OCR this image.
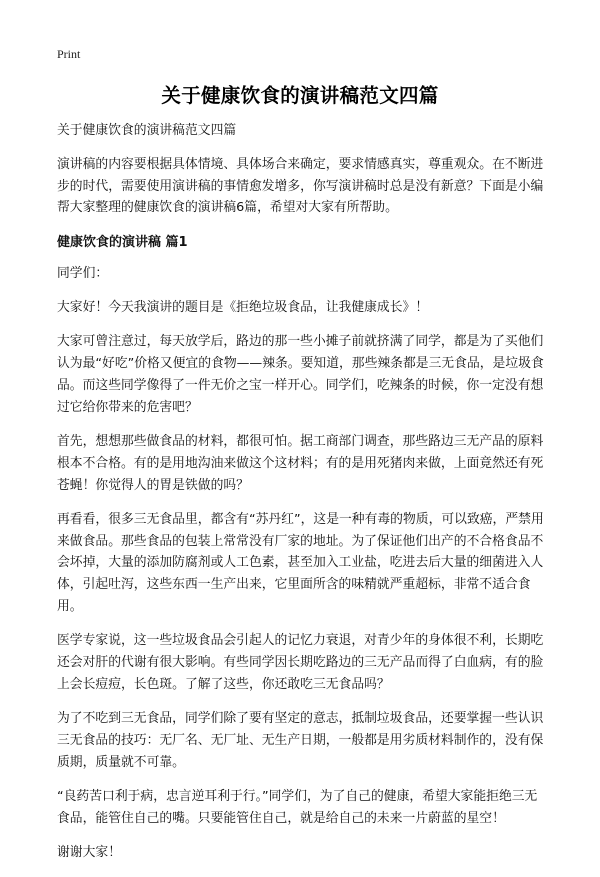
Print
关于健康饮食的演讲稿范文四篇

关于健康饮食的演讲稿范文四篇

演讲稿的内容要根据具体情境、具体场合来确定，要求情感真实，尊重观众。在不断进步的时代，需要使用演讲稿的事情愈发增多，你写演讲稿时总是没有新意？下面是小编帮大家整理的健康饮食的演讲稿6篇，希望对大家有所帮助。

健康饮食的演讲稿 篇1

同学们：

大家好！今天我演讲的题目是《拒绝垃圾食品，让我健康成长》！

大家可曾注意过，每天放学后，路边的那一些小摊子前就挤满了同学，都是为了买他们认为最“好吃”价格又便宜的食物——辣条。要知道，那些辣条都是三无食品，是垃圾食品。而这些同学像得了一件无价之宝一样开心。同学们，吃辣条的时候，你一定没有想过它给你带来的危害吧？

首先，想想那些做食品的材料，都很可怕。据工商部门调查，那些路边三无产品的原料根本不合格。有的是用地沟油来做这个这材料；有的是用死猪肉来做，上面竟然还有死苍蝇！你觉得人的胃是铁做的吗？

再看看，很多三无食品里，都含有“苏丹红”，这是一种有毒的物质，可以致癌，严禁用来做食品。那些食品的包装上常常没有厂家的地址。为了保证他们出产的不合格食品不会坏掉，大量的添加防腐剂或人工色素，甚至加入工业盐，吃进去后大量的细菌进入人体，引起吐泻，这些东西一生产出来，它里面所含的味精就严重超标，非常不适合食用。

医学专家说，这一些垃圾食品会引起人的记忆力衰退，对青少年的身体很不利，长期吃还会对肝的代谢有很大影响。有些同学因长期吃路边的三无产品而得了白血病，有的脸上会长痘痘，长色斑。了解了这些，你还敢吃三无食品吗？

为了不吃到三无食品，同学们除了要有坚定的意志，抵制垃圾食品，还要掌握一些认识三无食品的技巧：无厂名、无厂址、无生产日期，一般都是用劣质材料制作的，没有保质期，质量就不可靠。

“良药苦口利于病，忠言逆耳利于行。”同学们，为了自己的健康，希望大家能拒绝三无食品，能管住自己的嘴。只要能管住自己，就是给自己的未来一片蔚蓝的星空！

谢谢大家！
